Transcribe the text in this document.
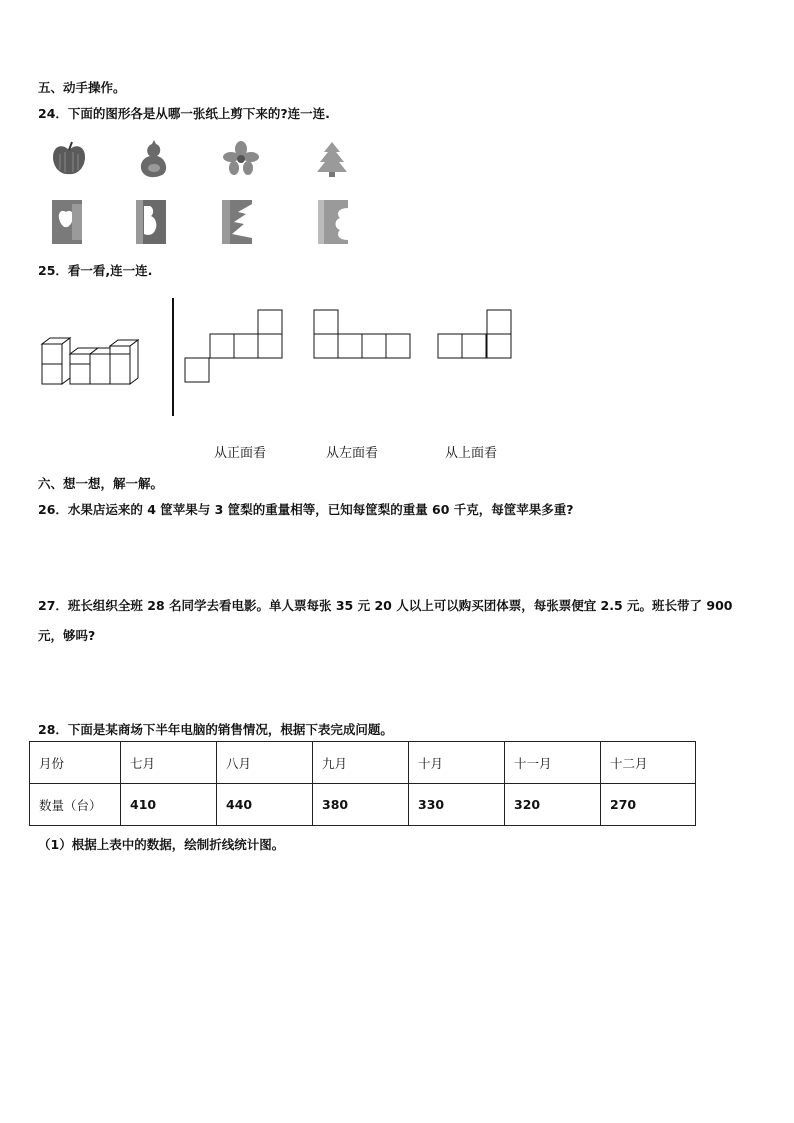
五、动手操作。
24．下面的图形各是从哪一张纸上剪下来的?连一连.
25．看一看,连一连.
从正面看	从左面看	从上面看
六、想一想，解一解。
26．水果店运来的 4 筐苹果与 3 筐梨的重量相等，已知每筐梨的重量 60 千克，每筐苹果多重?
27．班长组织全班 28 名同学去看电影。单人票每张 35 元 20 人以上可以购买团体票，每张票便宜 2.5 元。班长带了 900
元，够吗?
28．下面是某商场下半年电脑的销售情况，根据下表完成问题。
月份	七月	八月	九月	十月	十一月	十二月
数量（台）	410	440	380	330	320	270
（1）根据上表中的数据，绘制折线统计图。
